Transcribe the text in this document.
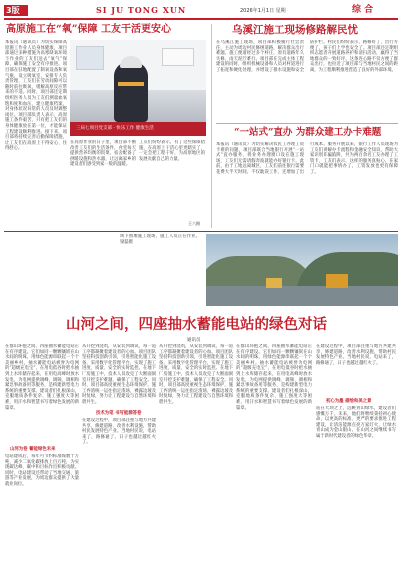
3版	SI JU TONG XUN	2026年1月1日 星期	综 合
高原施工在“氧”保障 工友干活更安心
本报讯（通讯员）为切实保障高原施工作业人员身体健康，项目部通过多种措施为高寒缺氧环境下作业的工友们送去“氧气”保障，确保施工安全有序推进。项目部在驻地配置了制氧设备和氧气瓶，设立吸氧室，安排专人负责管理，工友们在劳动间隙可以随时前往吸氧，缓解高原反应带来的不适。同时，项目部还定期组织医务人员为工友们测量血氧饱和度和血压，建立健康档案，对身体状况异常的人员及时调整岗位。项目部负责人表示，高原施工条件艰苦，只有把工友们的身体健康放在第一位，才能保证工程建设顺利推进。接下来，项目部将持续完善后勤保障措施，让工友们在高原上干得安心、住得舒心。
三局七项目党支部 · 快乐工作 健康生活
在高原作业的日子里，项目部不断改善工友们的生活条件，食堂每天提供营养均衡的饭菜，宿舍配备了供暖设施和热水器，让远离家乡的建设者们感受到家一般的温暖。
工友们纷纷表示，有了这些保障措施，在高原上干活心里更踏实了，一定会把工程干好，为高原地区的发展贡献自己的力量。
王六摄
乌溪江施工现场修路解民忧
在乌溪江施工现场，项目部积极履行社会责任，主动为周边村民修缮道路，解决群众出行难题。施工便道经过多个村庄，原有道路年久失修，雨天泥泞难行。项目部在完成主体工程建设的同时，组织机械设备和人员对村道进行了拓宽和硬化处理，并增设了排水设施和安全防护栏。村民们纷纷表示，路修好了，出行方便了，孩子们上学也安全了。项目部还定期组织志愿者开展道路养护和清扫活动，赢得了当地群众的一致好评。这条连心路不仅方便了群众出行，也拉近了项目部与当地村民之间的距离，为工程顺利推进营造了良好的外部环境。
“一站式”直办 为群众建工办卡难题
本报讯（通讯员）为切实解决农民工办理工资卡难的问题，项目部联合当地银行开展“一站式”直办服务，将业务办理窗口设在施工现场，工友们无需请假奔波就能办好银行卡。此前，由于工地远离城区，工友们前往银行需要花费大半天时间，不仅耽误工作，还增加了出行成本。服务开展以来，银行工作人员现场为工友们讲解办卡流程和金融安全知识，帮助大家识别诈骗陷阱，共为两百余名工友办理了工资卡。工友们表示，这样的服务真贴心，在家门口就能把事情办了，工资发放也更有保障了。
坝下围堰施工现场，施工人员正在作业。梁磊摄
山河之间，四座抽水蓄能电站的绿色对话
通讯员
在群山环抱之间，四座抽水蓄能电站正在有序建设。它们如同一颗颗镶嵌在山水间的明珠，用绿色能源串联起一个个美丽乡村。抽水蓄能电站被誉为电网的“超级充电宝”，在用电低谷时把水抽到上水库储存起来，在用电高峰时放水发电，为电网提供调峰、调频、调相和紧急事故备用等服务，是构建新型电力系统的重要支撑。建设者们扎根深山，克服地质条件复杂、施工强度大等困难，用汗水和智慧书写着绿色发展的新篇章。
山河为卷 蓄能绿色未来
电站建成后，每年可节约标准煤数十万吨，减少二氧化碳排放上百万吨，为实现碳达峰、碳中和目标作出积极贡献。同时，电站建设还带动了当地交通、旅游等产业发展，为周边群众提供了大量就业岗位。
从开挖到浇筑，从安装到调试，每一道工序都凝聚着建设者的心血。项目团队坚持科技创新引领，引进智能化施工设备，采用数字化管理平台，实现了施工进度、质量、安全的实时监控。在地下厂房施工中，技术人员攻克了大断面洞室开挖支护难题，确保了工程安全。同时，项目部高度重视生态环境保护，施工弃渣统一运往指定渣场，裸露边坡及时复绿，努力让工程建设与自然环境和谐共生。
技术为笔 书写能源答卷
在建设过程中，项目部注重与地方共建共享，修建道路、改善水利设施，帮助村民发展特色产业。当地村民说，电站来了，路修通了，日子也越过越红火了。
从开挖到浇筑，从安装到调试，每一道工序都凝聚着建设者的心血。项目团队坚持科技创新引领，引进智能化施工设备，采用数字化管理平台，实现了施工进度、质量、安全的实时监控。在地下厂房施工中，技术人员攻克了大断面洞室开挖支护难题，确保了工程安全。同时，项目部高度重视生态环境保护，施工弃渣统一运往指定渣场，裸露边坡及时复绿，努力让工程建设与自然环境和谐共生。
在群山环抱之间，四座抽水蓄能电站正在有序建设。它们如同一颗颗镶嵌在山水间的明珠，用绿色能源串联起一个个美丽乡村。抽水蓄能电站被誉为电网的“超级充电宝”，在用电低谷时把水抽到上水库储存起来，在用电高峰时放水发电，为电网提供调峰、调频、调相和紧急事故备用等服务，是构建新型电力系统的重要支撑。建设者们扎根深山，克服地质条件复杂、施工强度大等困难，用汗水和智慧书写着绿色发展的新篇章。
在建设过程中，项目部注重与地方共建共享，修建道路、改善水利设施，帮助村民发展特色产业。当地村民说，电站来了，路修通了，日子也越过越红火了。
初心为墨 描绘和美之景
站在大坝之上，远眺青山绿水，建设者们感慨万千。未来，他们将继续秉持初心使命，以更高的标准、更严的要求推进工程建设，让清洁能源点亮万家灯火，让绿水青山成为金山银山，在山河之间继续书写属于新时代建设者的绿色华章。
